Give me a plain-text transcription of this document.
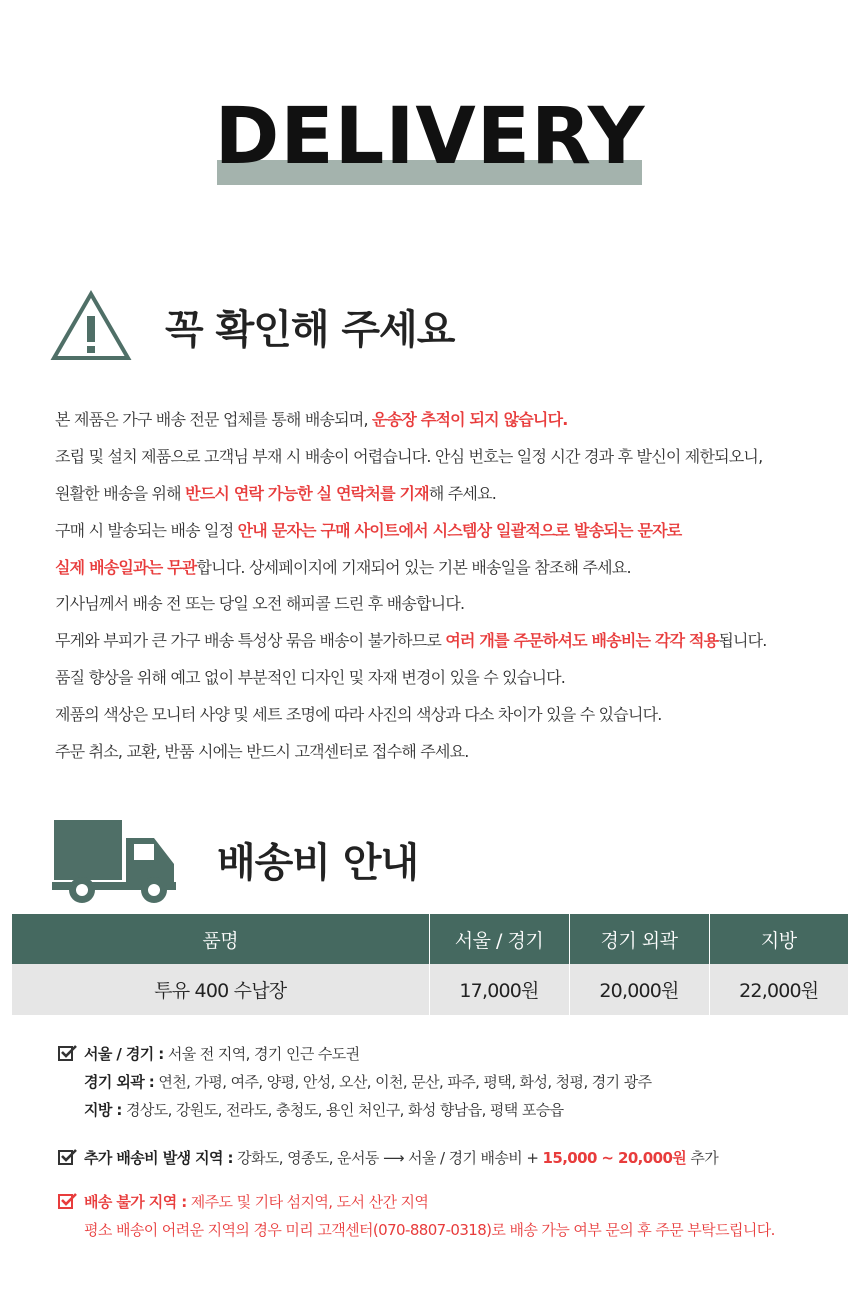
DELIVERY
꼭 확인해 주세요
본 제품은 가구 배송 전문 업체를 통해 배송되며, 운송장 추적이 되지 않습니다.
조립 및 설치 제품으로 고객님 부재 시 배송이 어렵습니다. 안심 번호는 일정 시간 경과 후 발신이 제한되오니,
원활한 배송을 위해 반드시 연락 가능한 실 연락처를 기재해 주세요.
구매 시 발송되는 배송 일정 안내 문자는 구매 사이트에서 시스템상 일괄적으로 발송되는 문자로
실제 배송일과는 무관합니다. 상세페이지에 기재되어 있는 기본 배송일을 참조해 주세요.
기사님께서 배송 전 또는 당일 오전 해피콜 드린 후 배송합니다.
무게와 부피가 큰 가구 배송 특성상 묶음 배송이 불가하므로 여러 개를 주문하셔도 배송비는 각각 적용됩니다.
품질 향상을 위해 예고 없이 부분적인 디자인 및 자재 변경이 있을 수 있습니다.
제품의 색상은 모니터 사양 및 세트 조명에 따라 사진의 색상과 다소 차이가 있을 수 있습니다.
주문 취소, 교환, 반품 시에는 반드시 고객센터로 접수해 주세요.
배송비 안내
품명	서울 / 경기	경기 외곽	지방
투유 400 수납장	17,000원	20,000원	22,000원
서울 / 경기 : 서울 전 지역, 경기 인근 수도권
경기 외곽 : 연천, 가평, 여주, 양평, 안성, 오산, 이천, 문산, 파주, 평택, 화성, 청평, 경기 광주
지방 : 경상도, 강원도, 전라도, 충청도, 용인 처인구, 화성 향남읍, 평택 포승읍
추가 배송비 발생 지역 : 강화도, 영종도, 운서동 ⟶ 서울 / 경기 배송비 + 15,000 ~ 20,000원 추가
배송 불가 지역 : 제주도 및 기타 섬지역, 도서 산간 지역
평소 배송이 어려운 지역의 경우 미리 고객센터(070-8807-0318)로 배송 가능 여부 문의 후 주문 부탁드립니다.
